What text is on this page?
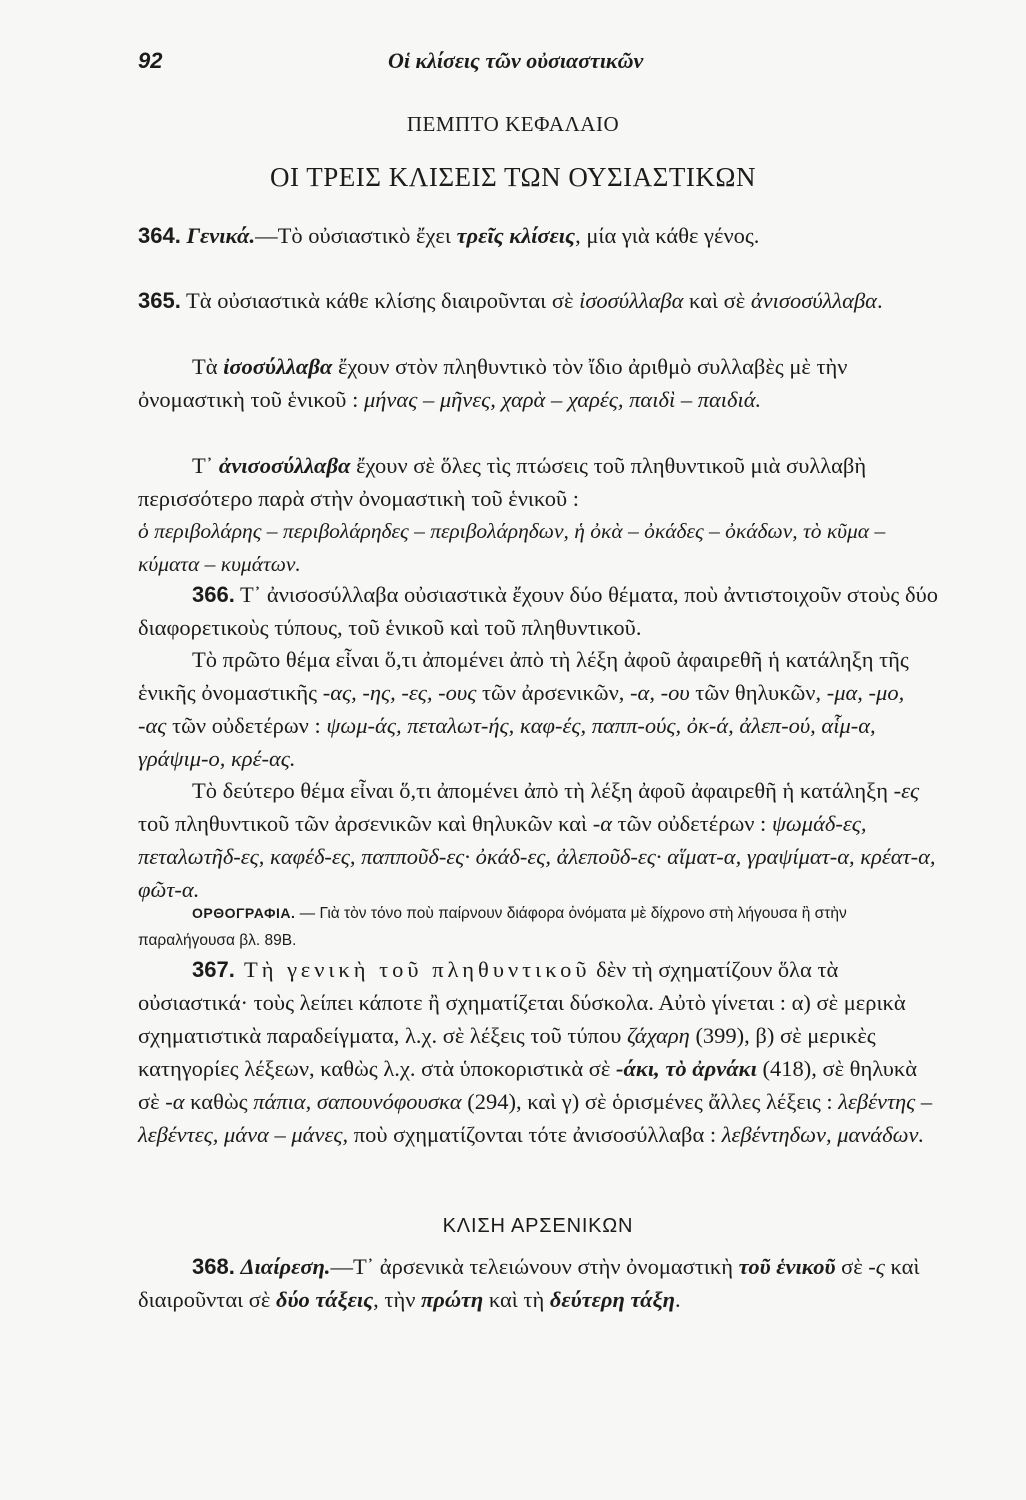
92	Οἱ κλίσεις τῶν οὐσιαστικῶν
ΠΕΜΠΤΟ ΚΕΦΑΛΑΙΟ
ΟΙ ΤΡΕΙΣ ΚΛΙΣΕΙΣ ΤΩΝ ΟΥΣΙΑΣΤΙΚΩΝ

364. Γενικά.—Τὸ οὐσιαστικὸ ἔχει τρεῖς κλίσεις, μία γιὰ κάθε γένος.

365. Τὰ οὐσιαστικὰ κάθε κλίσης διαιροῦνται σὲ ἰσοσύλλαβα καὶ σὲ ἀνισοσύλλαβα.

Τὰ ἰσοσύλλαβα ἔχουν στὸν πληθυντικὸ τὸν ἴδιο ἀριθμὸ συλλαβὲς μὲ τὴν ὀνομαστικὴ τοῦ ἑνικοῦ : μήνας – μῆνες, χαρὰ – χαρές, παιδὶ – παιδιά.

Τ᾽ ἀνισοσύλλαβα ἔχουν σὲ ὅλες τὶς πτώσεις τοῦ πληθυντικοῦ μιὰ συλλαβὴ περισσότερο παρὰ στὴν ὀνομαστικὴ τοῦ ἑνικοῦ :

ὁ περιβολάρης – περιβολάρηδες – περιβολάρηδων, ἡ ὀκὰ – ὀκάδες – ὀκάδων, τὸ κῦμα – κύματα – κυμάτων.

366. Τ᾽ ἀνισοσύλλαβα οὐσιαστικὰ ἔχουν δύο θέματα, ποὺ ἀντιστοιχοῦν στοὺς δύο διαφορετικοὺς τύπους, τοῦ ἑνικοῦ καὶ τοῦ πληθυντικοῦ.

Τὸ πρῶτο θέμα εἶναι ὅ,τι ἀπομένει ἀπὸ τὴ λέξη ἀφοῦ ἀφαιρεθῆ ἡ κατάληξη τῆς ἑνικῆς ὀνομαστικῆς -ας, -ης, -ες, -ους τῶν ἀρσενικῶν, -α, -ου τῶν θηλυκῶν, -μα, -μο, -ας τῶν οὐδετέρων : ψωμ-άς, πεταλωτ-ής, καφ-ές, παππ-ούς, ὀκ-ά, ἀλεπ-ού, αἷμ-α, γράψιμ-ο, κρέ-ας.

Τὸ δεύτερο θέμα εἶναι ὅ,τι ἀπομένει ἀπὸ τὴ λέξη ἀφοῦ ἀφαιρεθῆ ἡ κατάληξη -ες τοῦ πληθυντικοῦ τῶν ἀρσενικῶν καὶ θηλυκῶν καὶ -α τῶν οὐδετέρων : ψωμάδ-ες, πεταλωτῆδ-ες, καφέδ-ες, παπποῦδ-ες· ὀκάδ-ες, ἀλεποῦδ-ες· αἵματ-α, γραψίματ-α, κρέατ-α, φῶτ-α.

ΟΡΘΟΓΡΑΦΙΑ. — Γιὰ τὸν τόνο ποὺ παίρνουν διάφορα ὀνόματα μὲ δίχρονο στὴ λήγουσα ἢ στὴν παραλήγουσα βλ. 89Β.

367. Τὴ γενικὴ τοῦ πληθυντικοῦ δὲν τὴ σχηματίζουν ὅλα τὰ οὐσιαστικά· τοὺς λείπει κάποτε ἢ σχηματίζεται δύσκολα. Αὐτὸ γίνεται : α) σὲ μερικὰ σχηματιστικὰ παραδείγματα, λ.χ. σὲ λέξεις τοῦ τύπου ζάχαρη (399), β) σὲ μερικὲς κατηγορίες λέξεων, καθὼς λ.χ. στὰ ὑποκοριστικὰ σὲ -άκι, τὸ ἀρνάκι (418), σὲ θηλυκὰ σὲ -α καθὼς πάπια, σαπουνόφουσκα (294), καὶ γ) σὲ ὁρισμένες ἄλλες λέξεις : λεβέντης – λεβέντες, μάνα – μάνες, ποὺ σχηματίζονται τότε ἀνισοσύλλαβα : λεβέντηδων, μανάδων.

ΚΛΙΣΗ ΑΡΣΕΝΙΚΩΝ

368. Διαίρεση.—Τ᾽ ἀρσενικὰ τελειώνουν στὴν ὀνομαστικὴ τοῦ ἑνικοῦ σὲ -ς καὶ διαιροῦνται σὲ δύο τάξεις, τὴν πρώτη καὶ τὴ δεύτερη τάξη.
